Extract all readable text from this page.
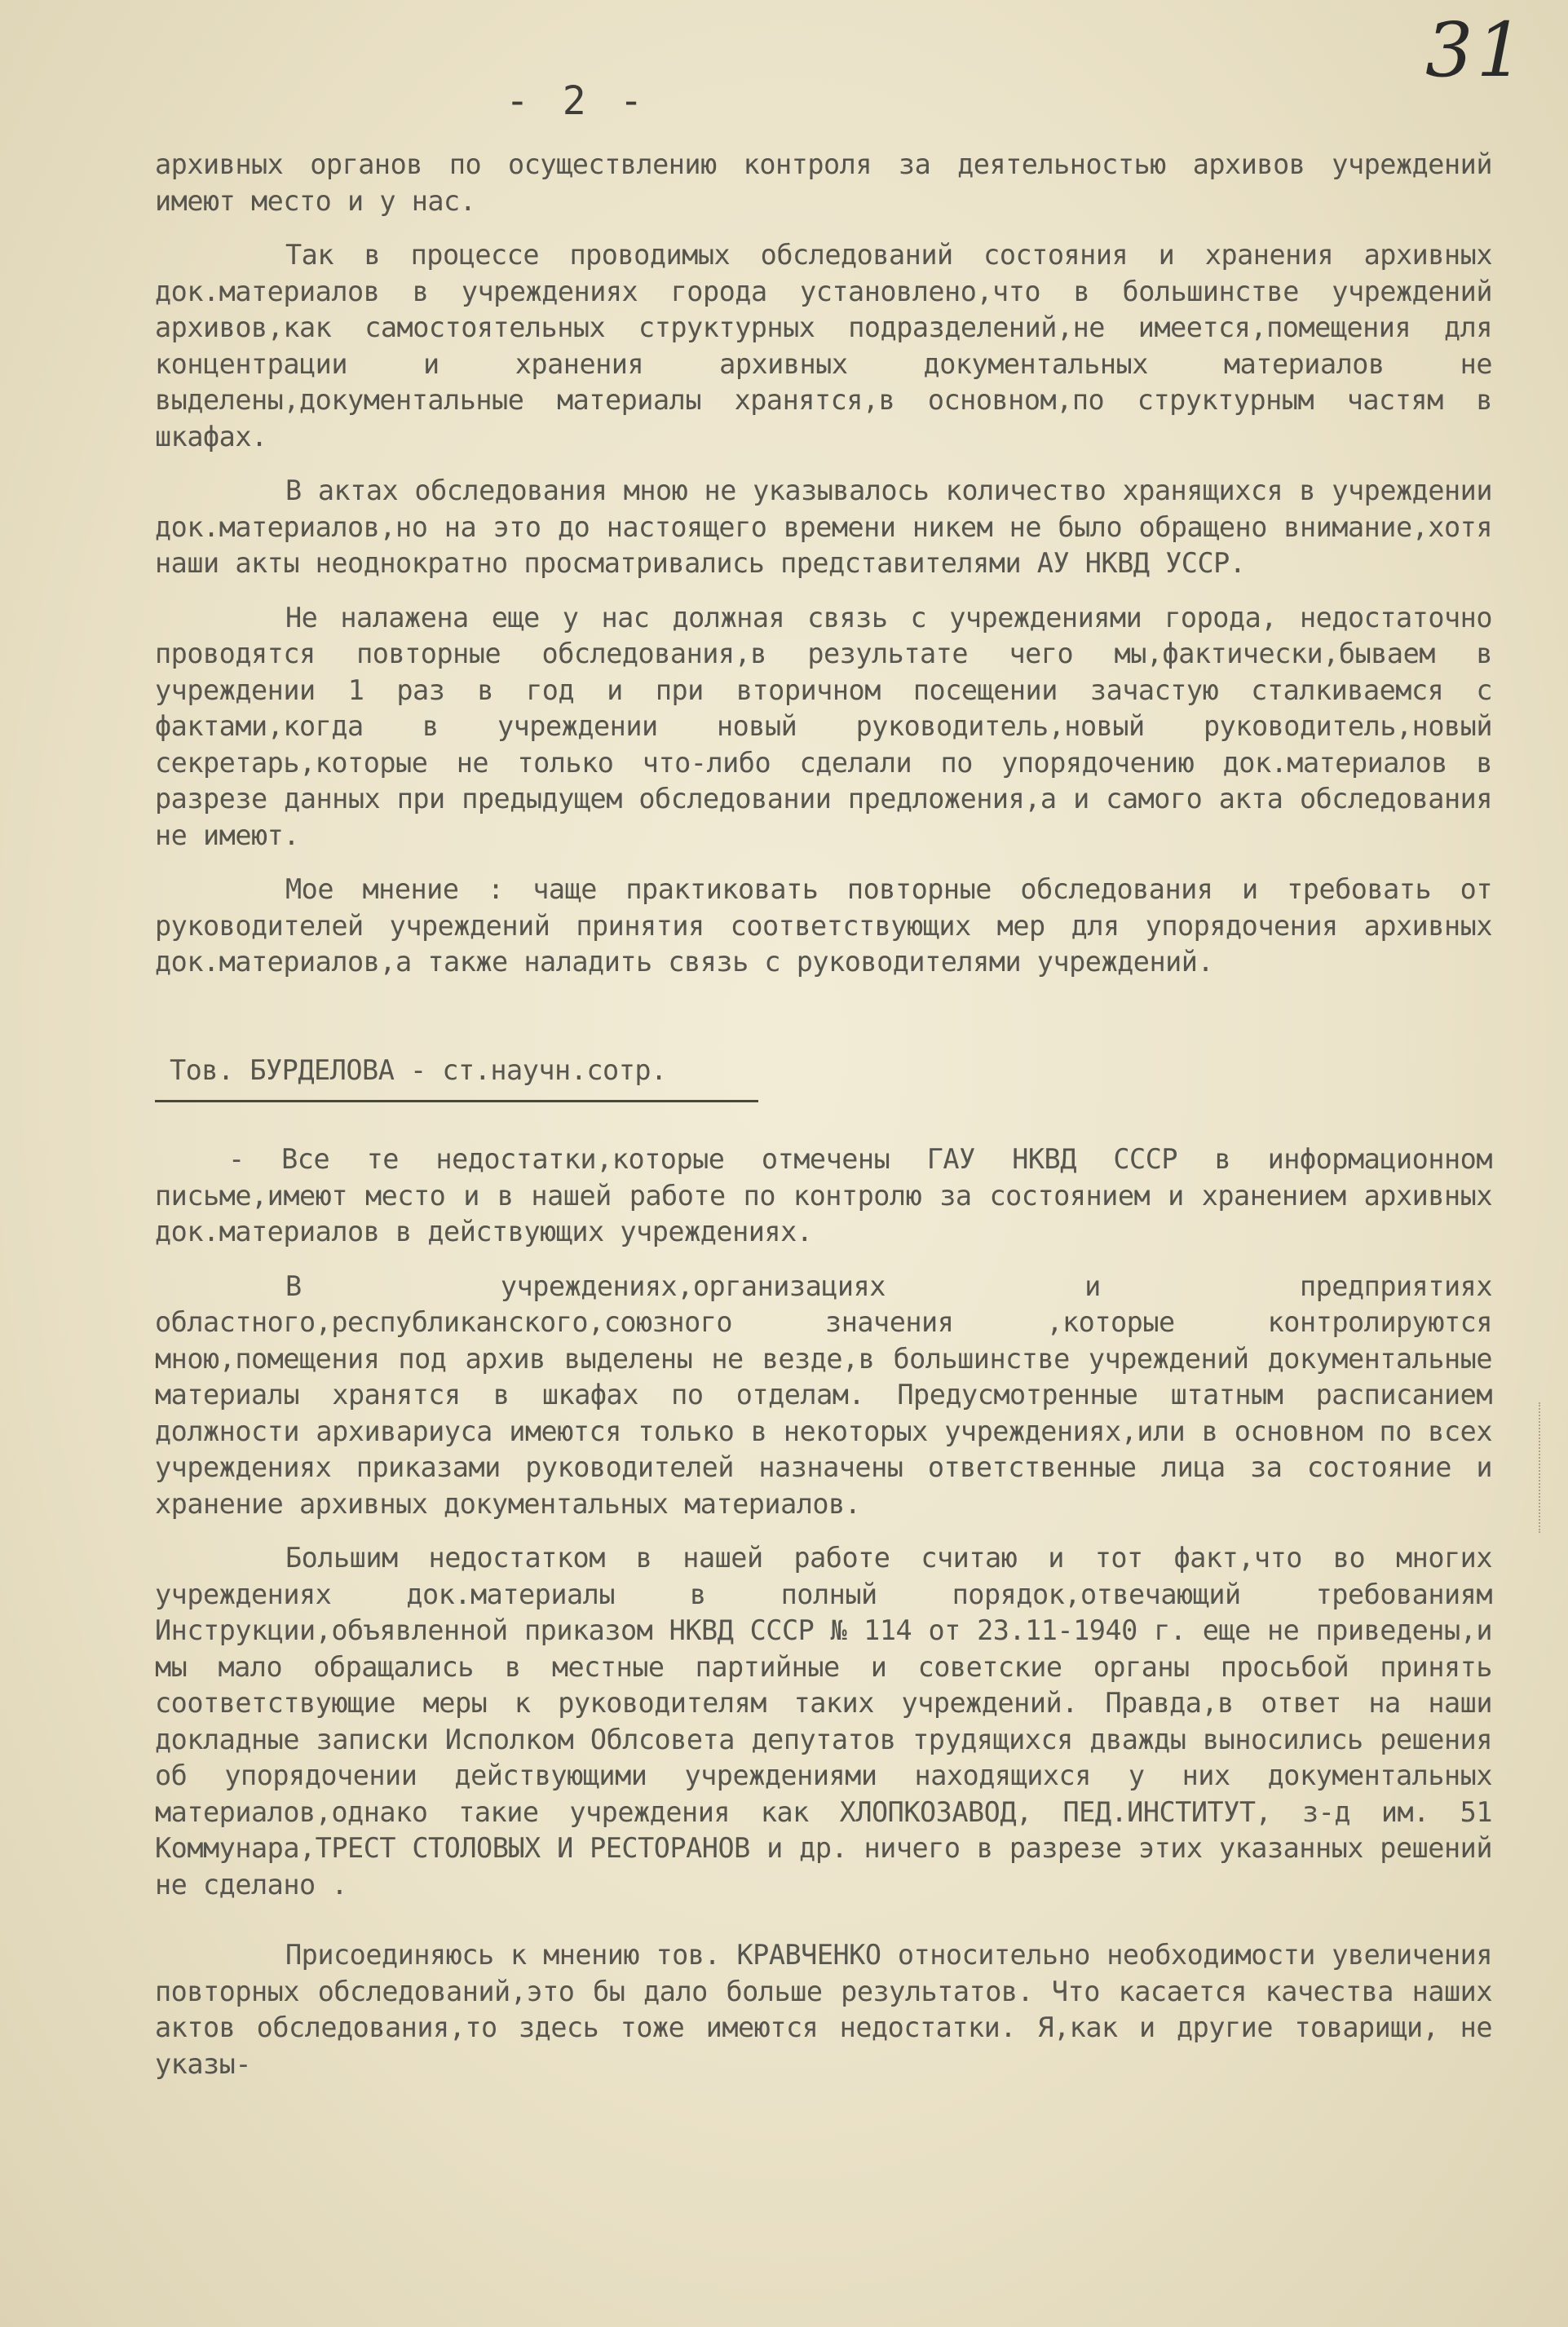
31
- 2 -

архивных органов по осуществлению контроля за деятельностью архивов учреждений имеют место и у нас.

Так в процессе проводимых обследований состояния и хранения архивных док.материалов в учреждениях города установлено,что в большинстве учреждений архивов,как самостоятельных структурных подразделений,не имеется,помещения для концентрации и хранения архивных документальных материалов не выделены,документальные материалы хранятся,в основном,по структурным частям в шкафах.

В актах обследования мною не указывалось количество хранящихся в учреждении док.материалов,но на это до настоящего времени никем не было обращено внимание,хотя наши акты неоднократно просматривались представителями АУ НКВД УССР.

Не налажена еще у нас должная связь с учреждениями города, недостаточно проводятся повторные обследования,в результате чего мы,фактически,бываем в учреждении 1 раз в год и при вторичном посещении зачастую сталкиваемся с фактами,когда в учреждении новый руководитель,новый руководитель,новый секретарь,которые не только что-либо сделали по упорядочению док.материалов в разрезе данных при предыдущем обследовании предложения,а и самого акта обследования не имеют.

Мое мнение : чаще практиковать повторные обследования и требовать от руководителей учреждений принятия соответствующих мер для упорядочения архивных док.материалов,а также наладить связь с руководителями учреждений.

Тов. БУРДЕЛОВА - ст.научн.сотр.

- Все те недостатки,которые отмечены ГАУ НКВД СССР в информационном письме,имеют место и в нашей работе по контролю за состоянием и хранением архивных док.материалов в действующих учреждениях.

В учреждениях,организациях и предприятиях областного,республиканского,союзного значения ,которые контролируются мною,помещения под архив выделены не везде,в большинстве учреждений документальные материалы хранятся в шкафах по отделам. Предусмотренные штатным расписанием должности архивариуса имеются только в некоторых учреждениях,или в основном по всех учреждениях приказами руководителей назначены ответственные лица за состояние и хранение архивных документальных материалов.

Большим недостатком в нашей работе считаю и тот факт,что во многих учреждениях док.материалы в полный порядок,отвечающий требованиям Инструкции,объявленной приказом НКВД СССР № 114 от 23.11-1940 г. еще не приведены,и мы мало обращались в местные партийные и советские органы просьбой принять соответствующие меры к руководителям таких учреждений. Правда,в ответ на наши докладные записки Исполком Облсовета депутатов трудящихся дважды выносились решения об упорядочении действующими учреждениями находящихся у них документальных материалов,однако такие учреждения как ХЛОПКОЗАВОД, ПЕД.ИНСТИТУТ, з-д им. 51 Коммунара,ТРЕСТ СТОЛОВЫХ И РЕСТОРАНОВ и др. ничего в разрезе этих указанных решений не сделано .

Присоединяюсь к мнению тов. КРАВЧЕНКО относительно необходимости увеличения повторных обследований,это бы дало больше результатов. Что касается качества наших актов обследования,то здесь тоже имеются недостатки. Я,как и другие товарищи, не указы-
